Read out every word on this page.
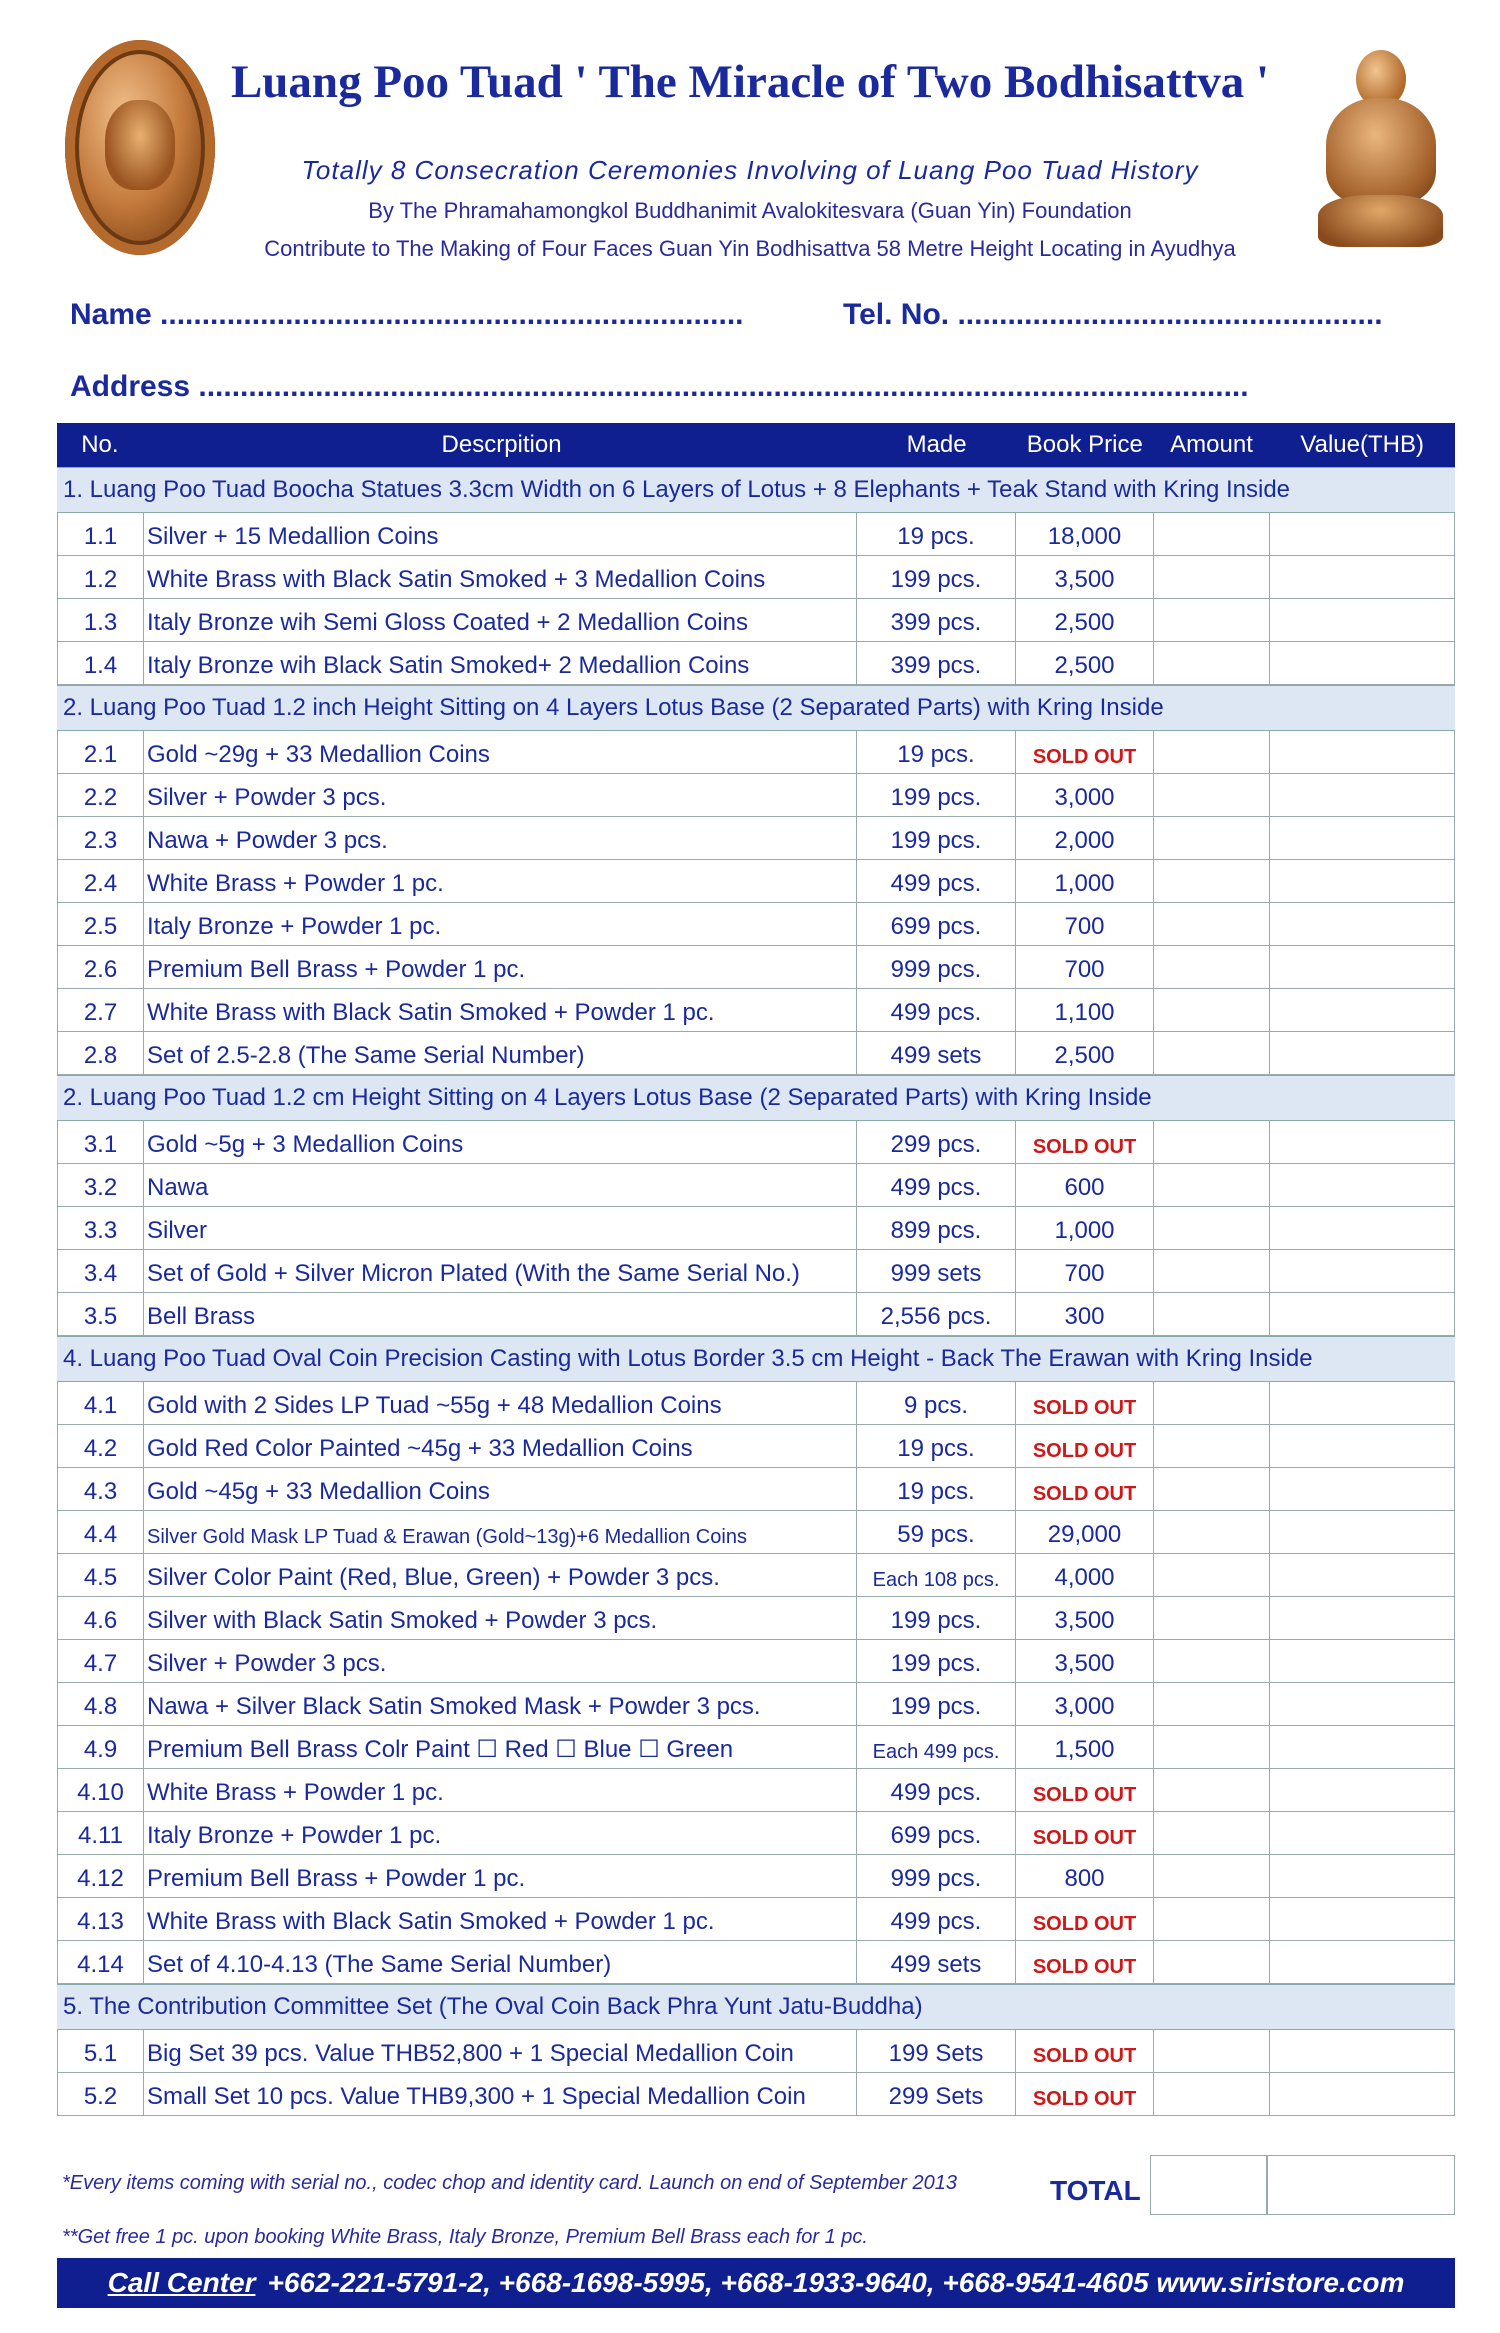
Luang Poo Tuad ' The Miracle of Two Bodhisattva '
Totally 8 Consecration Ceremonies Involving of Luang Poo Tuad History
By The Phramahamongkol Buddhanimit Avalokitesvara (Guan Yin) Foundation
Contribute to The Making of Four Faces Guan Yin Bodhisattva 58 Metre Height Locating in Ayudhya
Name ......................................................................	Tel. No. ...................................................
Address ..............................................................................................................................
No.	Descrpition	Made	Book Price	Amount	Value(THB)
1. Luang Poo Tuad Boocha Statues 3.3cm Width on 6 Layers of Lotus + 8 Elephants + Teak Stand with Kring Inside
1.1	Silver + 15 Medallion Coins	19 pcs.	18,000
1.2	White Brass with Black Satin Smoked + 3 Medallion Coins	199 pcs.	3,500
1.3	Italy Bronze wih Semi Gloss Coated + 2 Medallion Coins	399 pcs.	2,500
1.4	Italy Bronze wih Black Satin Smoked+ 2 Medallion Coins	399 pcs.	2,500
2. Luang Poo Tuad 1.2 inch Height Sitting on 4 Layers Lotus Base (2 Separated Parts) with Kring Inside
2.1	Gold ~29g + 33 Medallion Coins	19 pcs.	SOLD OUT
2.2	Silver + Powder 3 pcs.	199 pcs.	3,000
2.3	Nawa + Powder 3 pcs.	199 pcs.	2,000
2.4	White Brass + Powder 1 pc.	499 pcs.	1,000
2.5	Italy Bronze + Powder 1 pc.	699 pcs.	700
2.6	Premium Bell Brass + Powder 1 pc.	999 pcs.	700
2.7	White Brass with Black Satin Smoked + Powder 1 pc.	499 pcs.	1,100
2.8	Set of 2.5-2.8 (The Same Serial Number)	499 sets	2,500
2. Luang Poo Tuad 1.2 cm Height Sitting on 4 Layers Lotus Base (2 Separated Parts) with Kring Inside
3.1	Gold ~5g + 3 Medallion Coins	299 pcs.	SOLD OUT
3.2	Nawa	499 pcs.	600
3.3	Silver	899 pcs.	1,000
3.4	Set of Gold + Silver Micron Plated (With the Same Serial No.)	999 sets	700
3.5	Bell Brass	2,556 pcs.	300
4. Luang Poo Tuad Oval Coin Precision Casting with Lotus Border 3.5 cm Height - Back The Erawan with Kring Inside
4.1	Gold with 2 Sides LP Tuad ~55g + 48 Medallion Coins	9 pcs.	SOLD OUT
4.2	Gold Red Color Painted ~45g + 33 Medallion Coins	19 pcs.	SOLD OUT
4.3	Gold ~45g + 33 Medallion Coins	19 pcs.	SOLD OUT
4.4	Silver Gold Mask LP Tuad & Erawan (Gold~13g)+6 Medallion Coins	59 pcs.	29,000
4.5	Silver Color Paint (Red, Blue, Green) + Powder 3 pcs.	Each 108 pcs.	4,000
4.6	Silver with Black Satin Smoked + Powder 3 pcs.	199 pcs.	3,500
4.7	Silver + Powder 3 pcs.	199 pcs.	3,500
4.8	Nawa + Silver Black Satin Smoked Mask + Powder 3 pcs.	199 pcs.	3,000
4.9	Premium Bell Brass Colr Paint ☐ Red ☐ Blue ☐ Green	Each 499 pcs.	1,500
4.10 White Brass + Powder 1 pc.	499 pcs.	SOLD OUT
4.11	Italy Bronze + Powder 1 pc.	699 pcs.	SOLD OUT
4.12 Premium Bell Brass + Powder 1 pc.	999 pcs.	800
4.13 White Brass with Black Satin Smoked + Powder 1 pc.	499 pcs.	SOLD OUT
4.14 Set of 4.10-4.13 (The Same Serial Number)	499 sets	SOLD OUT
5. The Contribution Committee Set (The Oval Coin Back Phra Yunt Jatu-Buddha)
5.1	Big Set 39 pcs. Value THB52,800 + 1 Special Medallion Coin	199 Sets	SOLD OUT
5.2	Small Set 10 pcs. Value THB9,300 + 1 Special Medallion Coin	299 Sets	SOLD OUT
*Every items coming with serial no., codec chop and identity card. Launch on end of September 2013	TOTAL
**Get free 1 pc. upon booking White Brass, Italy Bronze, Premium Bell Brass each for 1 pc.
Call Center +662-221-5791-2, +668-1698-5995, +668-1933-9640, +668-9541-4605 www.siristore.com
